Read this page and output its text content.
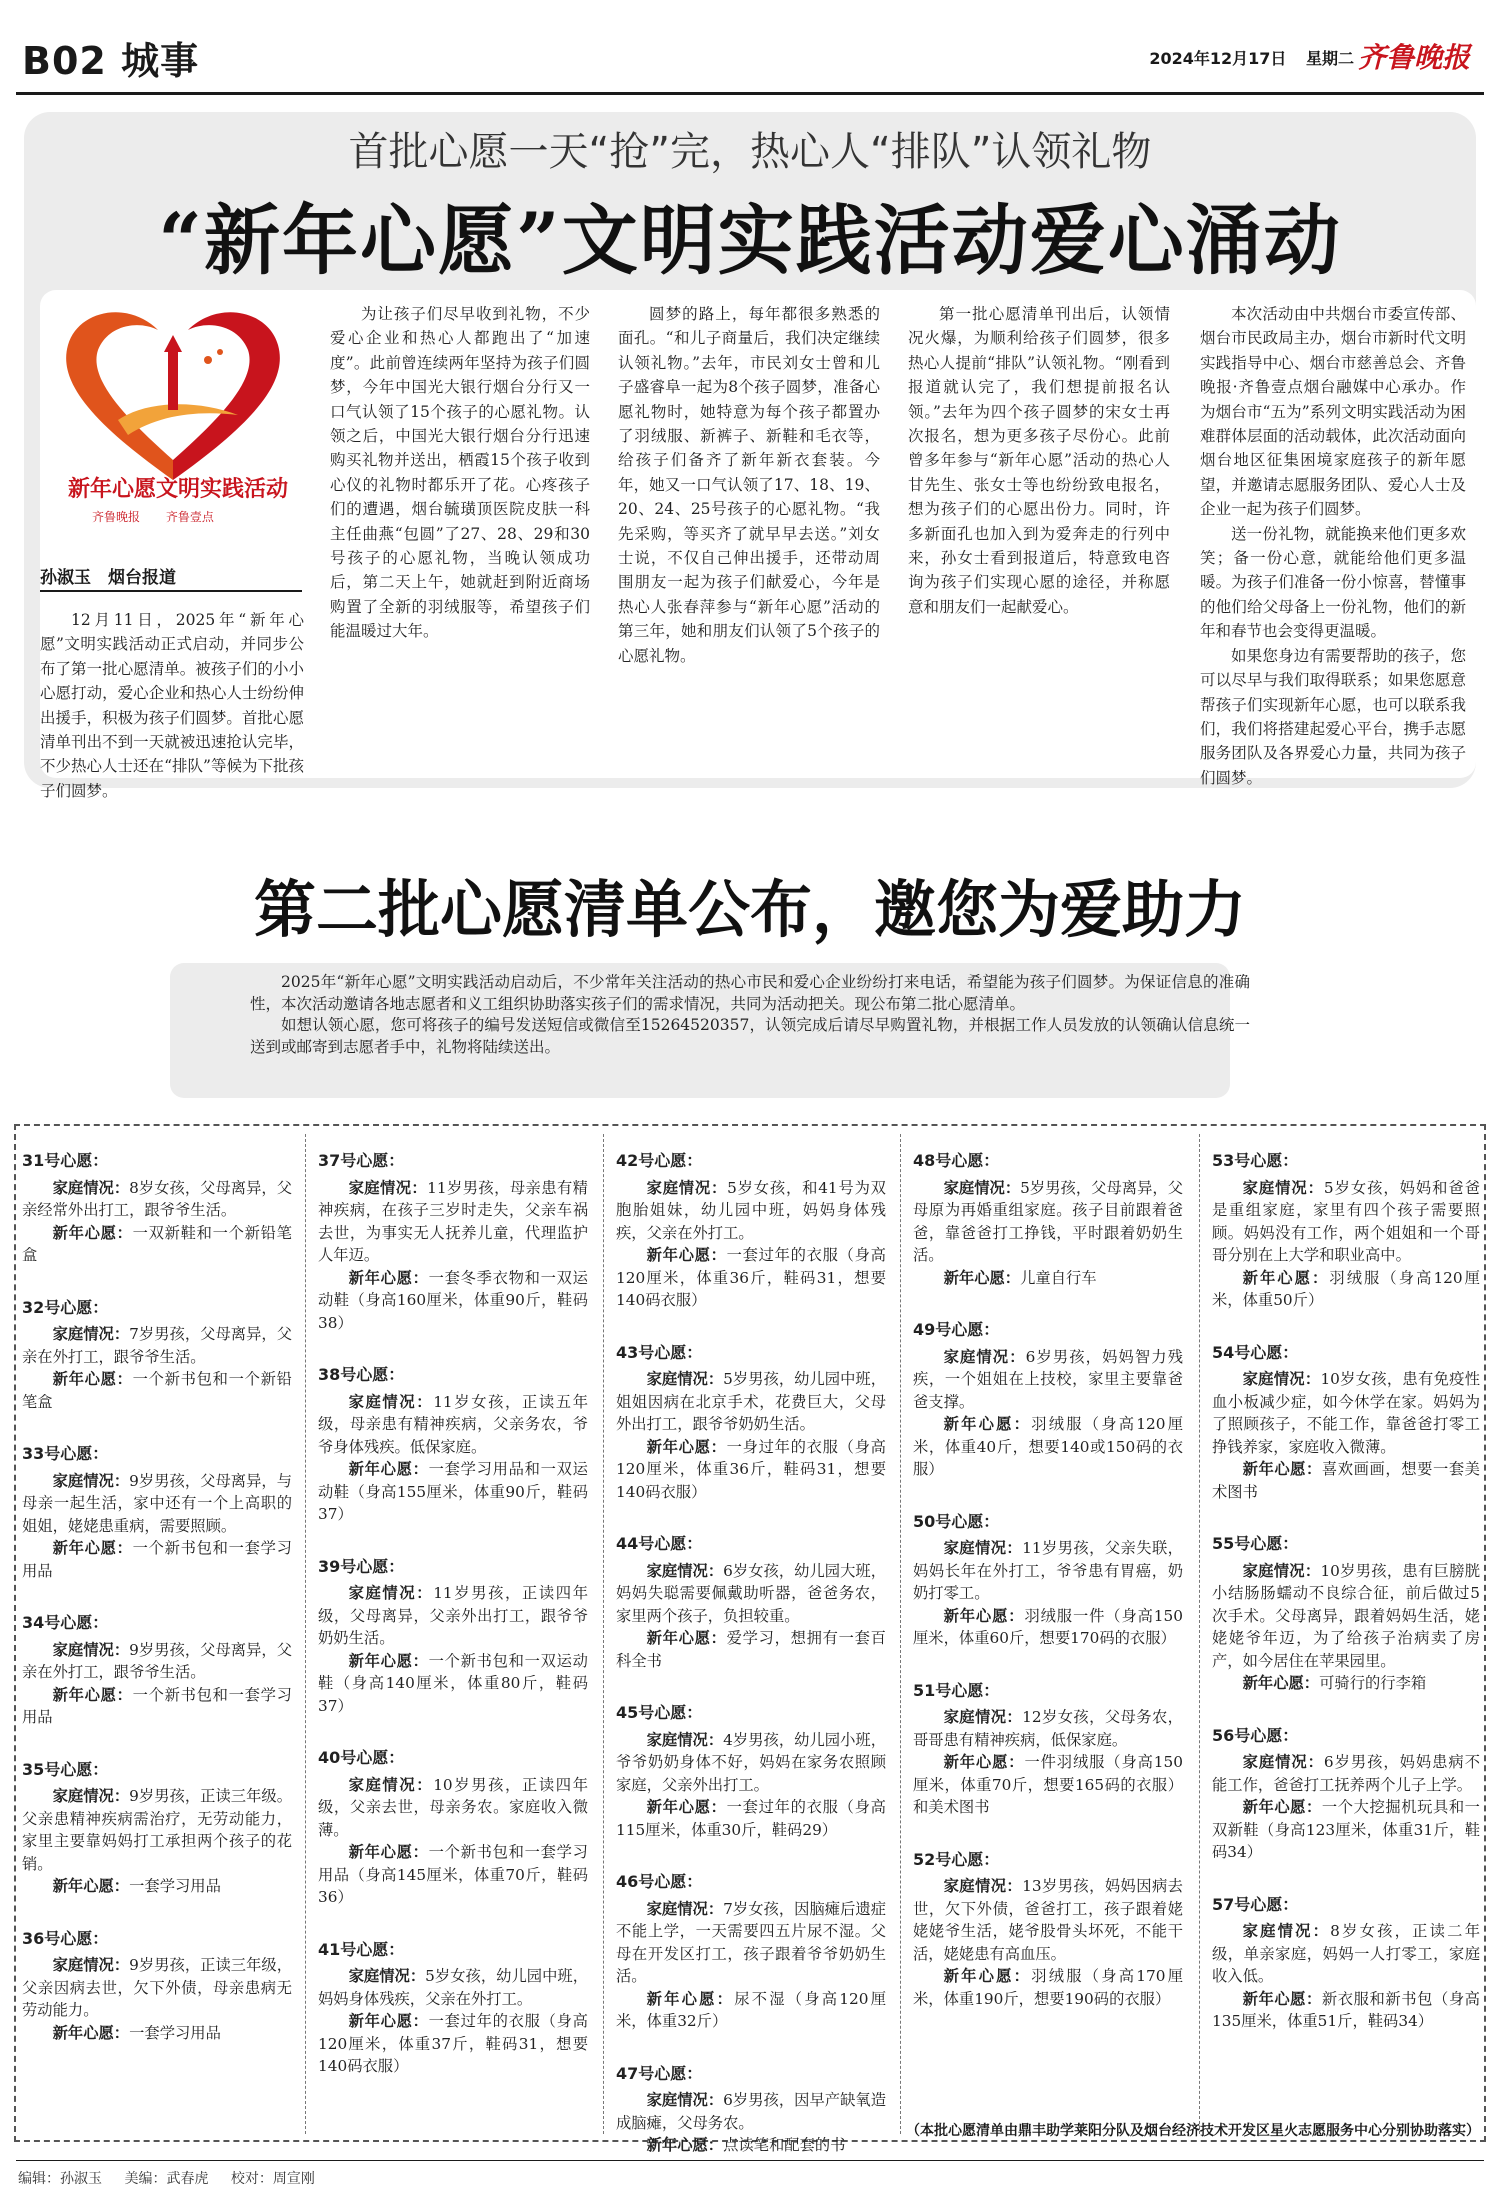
B02 城事	2024年12月17日 星期二 齐鲁晚报
首批心愿一天“抢”完，热心人“排队”认领礼物
“新年心愿”文明实践活动爱心涌动
新年心愿文明实践活动
齐鲁晚报 齐鲁壹点
孙淑玉　烟台报道

12月11日，2025年“新年心愿”文明实践活动正式启动，并同步公布了第一批心愿清单。被孩子们的小小心愿打动，爱心企业和热心人士纷纷伸出援手，积极为孩子们圆梦。首批心愿清单刊出不到一天就被迅速抢认完毕，不少热心人士还在“排队”等候为下批孩子们圆梦。

为让孩子们尽早收到礼物，不少爱心企业和热心人都跑出了“加速度”。此前曾连续两年坚持为孩子们圆梦，今年中国光大银行烟台分行又一口气认领了15个孩子的心愿礼物。认领之后，中国光大银行烟台分行迅速购买礼物并送出，栖霞15个孩子收到心仪的礼物时都乐开了花。心疼孩子们的遭遇，烟台毓璜顶医院皮肤一科主任曲燕“包圆”了27、28、29和30号孩子的心愿礼物，当晚认领成功后，第二天上午，她就赶到附近商场购置了全新的羽绒服等，希望孩子们能温暖过大年。

圆梦的路上，每年都很多熟悉的面孔。“和儿子商量后，我们决定继续认领礼物。”去年，市民刘女士曾和儿子盛睿阜一起为8个孩子圆梦，准备心愿礼物时，她特意为每个孩子都置办了羽绒服、新裤子、新鞋和毛衣等，给孩子们备齐了新年新衣套装。今年，她又一口气认领了17、18、19、20、24、25号孩子的心愿礼物。“我先采购，等买齐了就早早去送。”刘女士说，不仅自己伸出援手，还带动周围朋友一起为孩子们献爱心，今年是热心人张春萍参与“新年心愿”活动的第三年，她和朋友们认领了5个孩子的心愿礼物。

第一批心愿清单刊出后，认领情况火爆，为顺利给孩子们圆梦，很多热心人提前“排队”认领礼物。“刚看到报道就认完了，我们想提前报名认领。”去年为四个孩子圆梦的宋女士再次报名，想为更多孩子尽份心。此前曾多年参与“新年心愿”活动的热心人甘先生、张女士等也纷纷致电报名，想为孩子们的心愿出份力。同时，许多新面孔也加入到为爱奔走的行列中来，孙女士看到报道后，特意致电咨询为孩子们实现心愿的途径，并称愿意和朋友们一起献爱心。

本次活动由中共烟台市委宣传部、烟台市民政局主办，烟台市新时代文明实践指导中心、烟台市慈善总会、齐鲁晚报·齐鲁壹点烟台融媒中心承办。作为烟台市“五为”系列文明实践活动为困难群体层面的活动载体，此次活动面向烟台地区征集困境家庭孩子的新年愿望，并邀请志愿服务团队、爱心人士及企业一起为孩子们圆梦。

送一份礼物，就能换来他们更多欢笑；备一份心意，就能给他们更多温暖。为孩子们准备一份小惊喜，替懂事的他们给父母备上一份礼物，他们的新年和春节也会变得更温暖。

如果您身边有需要帮助的孩子，您可以尽早与我们取得联系；如果您愿意帮孩子们实现新年心愿，也可以联系我们，我们将搭建起爱心平台，携手志愿服务团队及各界爱心力量，共同为孩子们圆梦。

第二批心愿清单公布，邀您为爱助力

2025年“新年心愿”文明实践活动启动后，不少常年关注活动的热心市民和爱心企业纷纷打来电话，希望能为孩子们圆梦。为保证信息的准确性，本次活动邀请各地志愿者和义工组织协助落实孩子们的需求情况，共同为活动把关。现公布第二批心愿清单。

如想认领心愿，您可将孩子的编号发送短信或微信至15264520357，认领完成后请尽早购置礼物，并根据工作人员发放的认领确认信息统一送到或邮寄到志愿者手中，礼物将陆续送出。

31号心愿：
家庭情况：8岁女孩，父母离异，父亲经常外出打工，跟爷爷生活。
新年心愿：一双新鞋和一个新铅笔盒
32号心愿：
家庭情况：7岁男孩，父母离异，父亲在外打工，跟爷爷生活。
新年心愿：一个新书包和一个新铅笔盒
33号心愿：
家庭情况：9岁男孩，父母离异，与母亲一起生活，家中还有一个上高职的姐姐，姥姥患重病，需要照顾。
新年心愿：一个新书包和一套学习用品
34号心愿：
家庭情况：9岁男孩，父母离异，父亲在外打工，跟爷爷生活。
新年心愿：一个新书包和一套学习用品
35号心愿：
家庭情况：9岁男孩，正读三年级。父亲患精神疾病需治疗，无劳动能力，家里主要靠妈妈打工承担两个孩子的花销。
新年心愿：一套学习用品
36号心愿：
家庭情况：9岁男孩，正读三年级，父亲因病去世，欠下外债，母亲患病无劳动能力。
新年心愿：一套学习用品
37号心愿：
家庭情况：11岁男孩，母亲患有精神疾病，在孩子三岁时走失，父亲车祸去世，为事实无人抚养儿童，代理监护人年迈。
新年心愿：一套冬季衣物和一双运动鞋（身高160厘米，体重90斤，鞋码38）
38号心愿：
家庭情况：11岁女孩，正读五年级，母亲患有精神疾病，父亲务农，爷爷身体残疾。低保家庭。
新年心愿：一套学习用品和一双运动鞋（身高155厘米，体重90斤，鞋码37）
39号心愿：
家庭情况：11岁男孩，正读四年级，父母离异，父亲外出打工，跟爷爷奶奶生活。
新年心愿：一个新书包和一双运动鞋（身高140厘米，体重80斤，鞋码37）
40号心愿：
家庭情况：10岁男孩，正读四年级，父亲去世，母亲务农。家庭收入微薄。
新年心愿：一个新书包和一套学习用品（身高145厘米，体重70斤，鞋码36）
41号心愿：
家庭情况：5岁女孩，幼儿园中班，妈妈身体残疾，父亲在外打工。
新年心愿：一套过年的衣服（身高120厘米，体重37斤，鞋码31，想要140码衣服）
42号心愿：
家庭情况：5岁女孩，和41号为双胞胎姐妹，幼儿园中班，妈妈身体残疾，父亲在外打工。
新年心愿：一套过年的衣服（身高120厘米，体重36斤，鞋码31，想要140码衣服）
43号心愿：
家庭情况：5岁男孩，幼儿园中班，姐姐因病在北京手术，花费巨大，父母外出打工，跟爷爷奶奶生活。
新年心愿：一身过年的衣服（身高120厘米，体重36斤，鞋码31，想要140码衣服）
44号心愿：
家庭情况：6岁女孩，幼儿园大班，妈妈失聪需要佩戴助听器，爸爸务农，家里两个孩子，负担较重。
新年心愿：爱学习，想拥有一套百科全书
45号心愿：
家庭情况：4岁男孩，幼儿园小班，爷爷奶奶身体不好，妈妈在家务农照顾家庭，父亲外出打工。
新年心愿：一套过年的衣服（身高115厘米，体重30斤，鞋码29）
46号心愿：
家庭情况：7岁女孩，因脑瘫后遗症不能上学，一天需要四五片尿不湿。父母在开发区打工，孩子跟着爷爷奶奶生活。
新年心愿：尿不湿（身高120厘米，体重32斤）
47号心愿：
家庭情况：6岁男孩，因早产缺氧造成脑瘫，父母务农。
新年心愿：点读笔和配套的书
48号心愿：
家庭情况：5岁男孩，父母离异，父母原为再婚重组家庭。孩子目前跟着爸爸，靠爸爸打工挣钱，平时跟着奶奶生活。
新年心愿：儿童自行车
49号心愿：
家庭情况：6岁男孩，妈妈智力残疾，一个姐姐在上技校，家里主要靠爸爸支撑。
新年心愿：羽绒服（身高120厘米，体重40斤，想要140或150码的衣服）
50号心愿：
家庭情况：11岁男孩，父亲失联，妈妈长年在外打工，爷爷患有胃癌，奶奶打零工。
新年心愿：羽绒服一件（身高150厘米，体重60斤，想要170码的衣服）
51号心愿：
家庭情况：12岁女孩，父母务农，哥哥患有精神疾病，低保家庭。
新年心愿：一件羽绒服（身高150厘米，体重70斤，想要165码的衣服）和美术图书
52号心愿：
家庭情况：13岁男孩，妈妈因病去世，欠下外债，爸爸打工，孩子跟着姥姥姥爷生活，姥爷股骨头坏死，不能干活，姥姥患有高血压。
新年心愿：羽绒服（身高170厘米，体重190斤，想要190码的衣服）
53号心愿：
家庭情况：5岁女孩，妈妈和爸爸是重组家庭，家里有四个孩子需要照顾。妈妈没有工作，两个姐姐和一个哥哥分别在上大学和职业高中。
新年心愿：羽绒服（身高120厘米，体重50斤）
54号心愿：
家庭情况：10岁女孩，患有免疫性血小板减少症，如今休学在家。妈妈为了照顾孩子，不能工作，靠爸爸打零工挣钱养家，家庭收入微薄。
新年心愿：喜欢画画，想要一套美术图书
55号心愿：
家庭情况：10岁男孩，患有巨膀胱小结肠肠蠕动不良综合征，前后做过5次手术。父母离异，跟着妈妈生活，姥姥姥爷年迈，为了给孩子治病卖了房产，如今居住在苹果园里。
新年心愿：可骑行的行李箱
56号心愿：
家庭情况：6岁男孩，妈妈患病不能工作，爸爸打工抚养两个儿子上学。
新年心愿：一个大挖掘机玩具和一双新鞋（身高123厘米，体重31斤，鞋码34）
57号心愿：
家庭情况：8岁女孩，正读二年级，单亲家庭，妈妈一人打零工，家庭收入低。
新年心愿：新衣服和新书包（身高135厘米，体重51斤，鞋码34）
（本批心愿清单由鼎丰助学莱阳分队及烟台经济技术开发区星火志愿服务中心分别协助落实）
编辑：孙淑玉 美编：武春虎 校对：周宣刚
